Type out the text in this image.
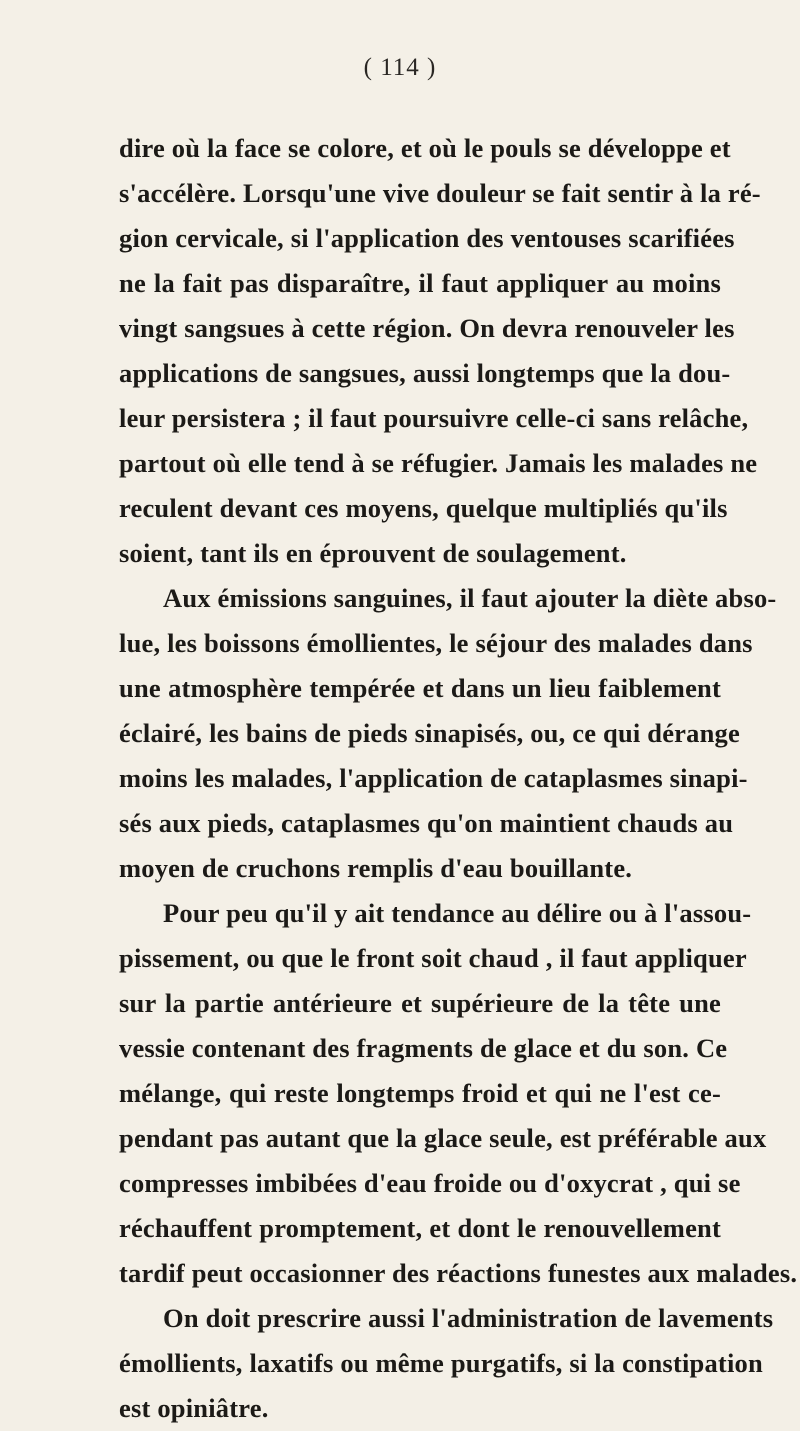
( 114 )
dire où la face se colore, et où le pouls se développe et
s'accélère. Lorsqu'une vive douleur se fait sentir à la ré-
gion cervicale, si l'application des ventouses scarifiées
ne la fait pas disparaître, il faut appliquer au moins
vingt sangsues à cette région. On devra renouveler les
applications de sangsues, aussi longtemps que la dou-
leur persistera ; il faut poursuivre celle-ci sans relâche,
partout où elle tend à se réfugier. Jamais les malades ne
reculent devant ces moyens, quelque multipliés qu'ils
soient, tant ils en éprouvent de soulagement.
Aux émissions sanguines, il faut ajouter la diète abso-
lue, les boissons émollientes, le séjour des malades dans
une atmosphère tempérée et dans un lieu faiblement
éclairé, les bains de pieds sinapisés, ou, ce qui dérange
moins les malades, l'application de cataplasmes sinapi-
sés aux pieds, cataplasmes qu'on maintient chauds au
moyen de cruchons remplis d'eau bouillante.
Pour peu qu'il y ait tendance au délire ou à l'assou-
pissement, ou que le front soit chaud , il faut appliquer
sur la partie antérieure et supérieure de la tête une
vessie contenant des fragments de glace et du son. Ce
mélange, qui reste longtemps froid et qui ne l'est ce-
pendant pas autant que la glace seule, est préférable aux
compresses imbibées d'eau froide ou d'oxycrat , qui se
réchauffent promptement, et dont le renouvellement
tardif peut occasionner des réactions funestes aux malades.
On doit prescrire aussi l'administration de lavements
émollients, laxatifs ou même purgatifs, si la constipation
est opiniâtre.
